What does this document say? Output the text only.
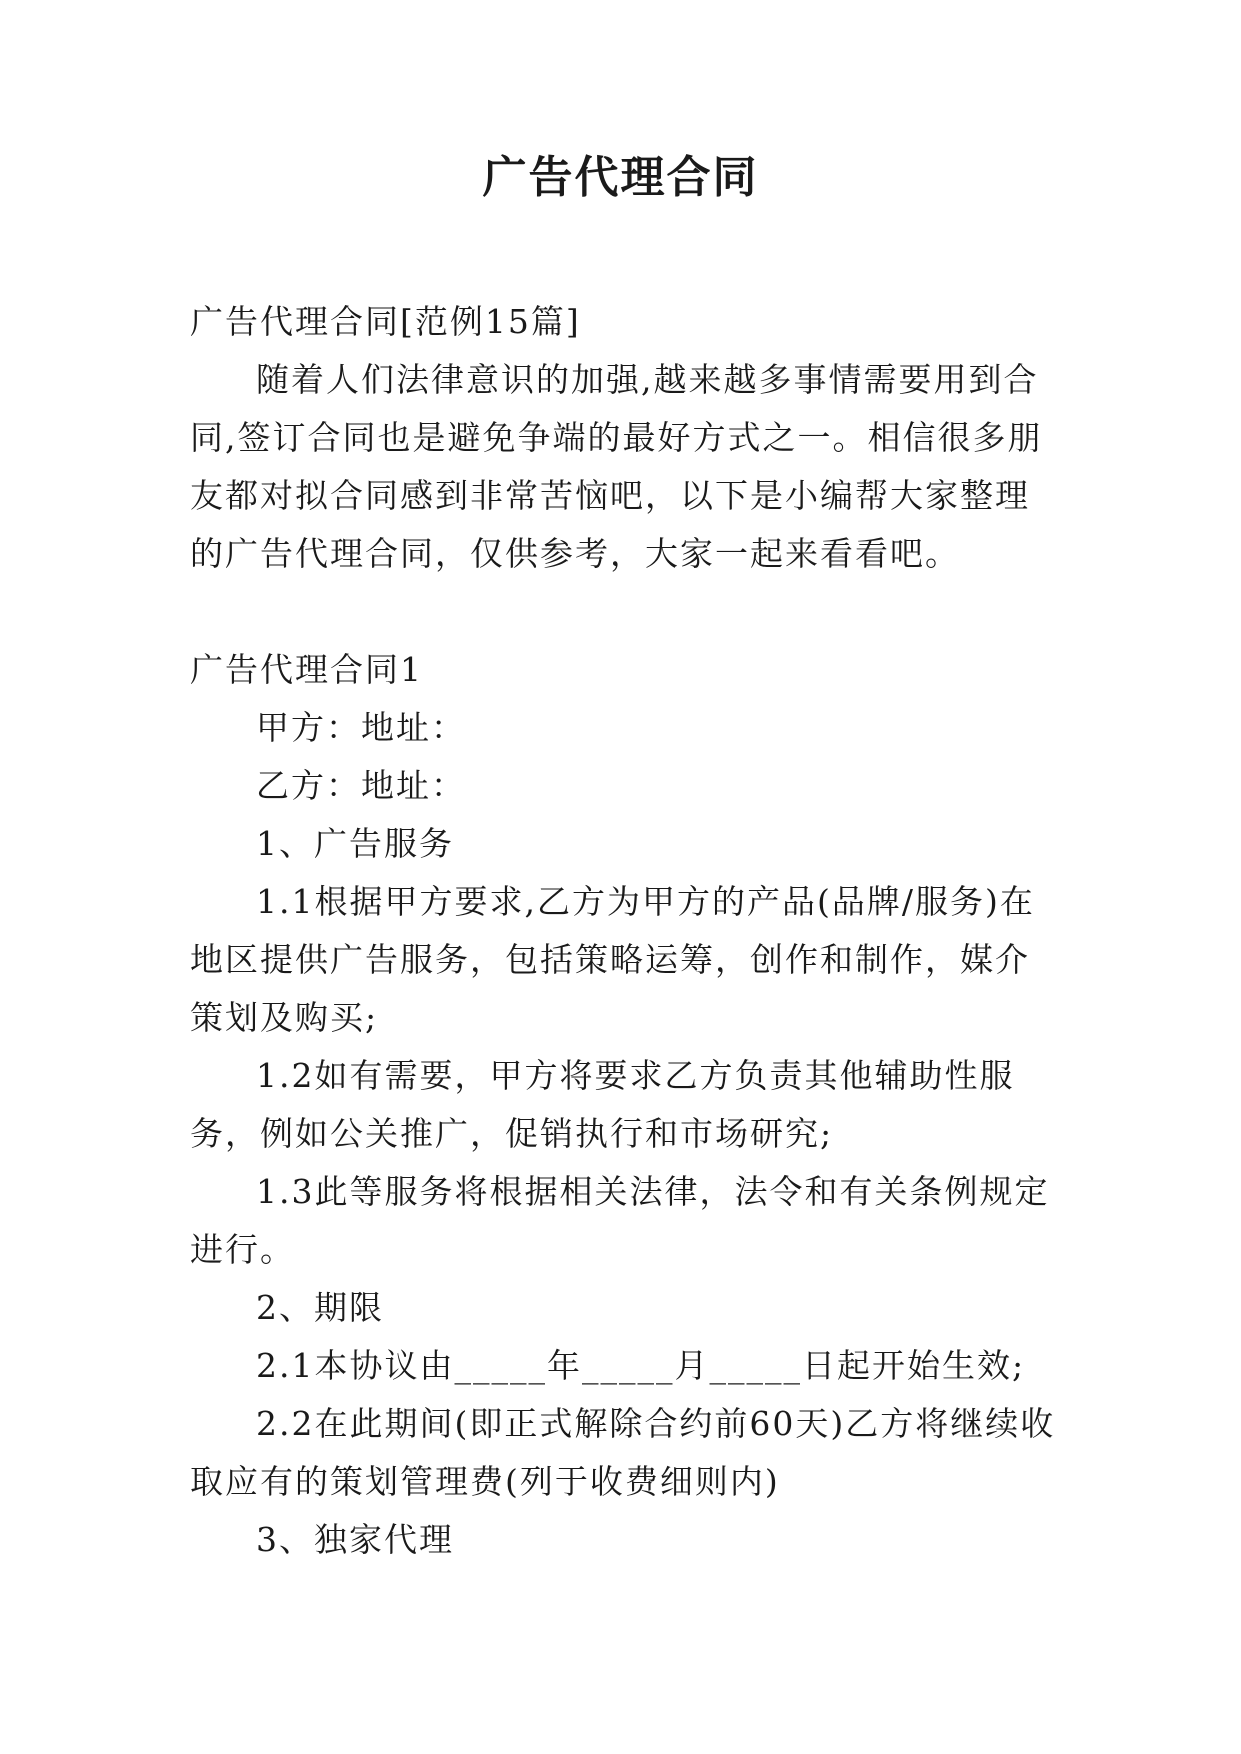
广告代理合同

广告代理合同[范例15篇]

随着人们法律意识的加强,越来越多事情需要用到合同,签订合同也是避免争端的最好方式之一。相信很多朋友都对拟合同感到非常苦恼吧，以下是小编帮大家整理的广告代理合同，仅供参考，大家一起来看看吧。

广告代理合同1

甲方：地址：

乙方：地址：

1、广告服务

1.1根据甲方要求,乙方为甲方的产品(品牌/服务)在地区提供广告服务，包括策略运筹，创作和制作，媒介策划及购买;

1.2如有需要，甲方将要求乙方负责其他辅助性服务，例如公关推广，促销执行和市场研究;

1.3此等服务将根据相关法律，法令和有关条例规定进行。

2、期限

2.1本协议由_____年_____月_____日起开始生效;

2.2在此期间(即正式解除合约前60天)乙方将继续收取应有的策划管理费(列于收费细则内)

3、独家代理
